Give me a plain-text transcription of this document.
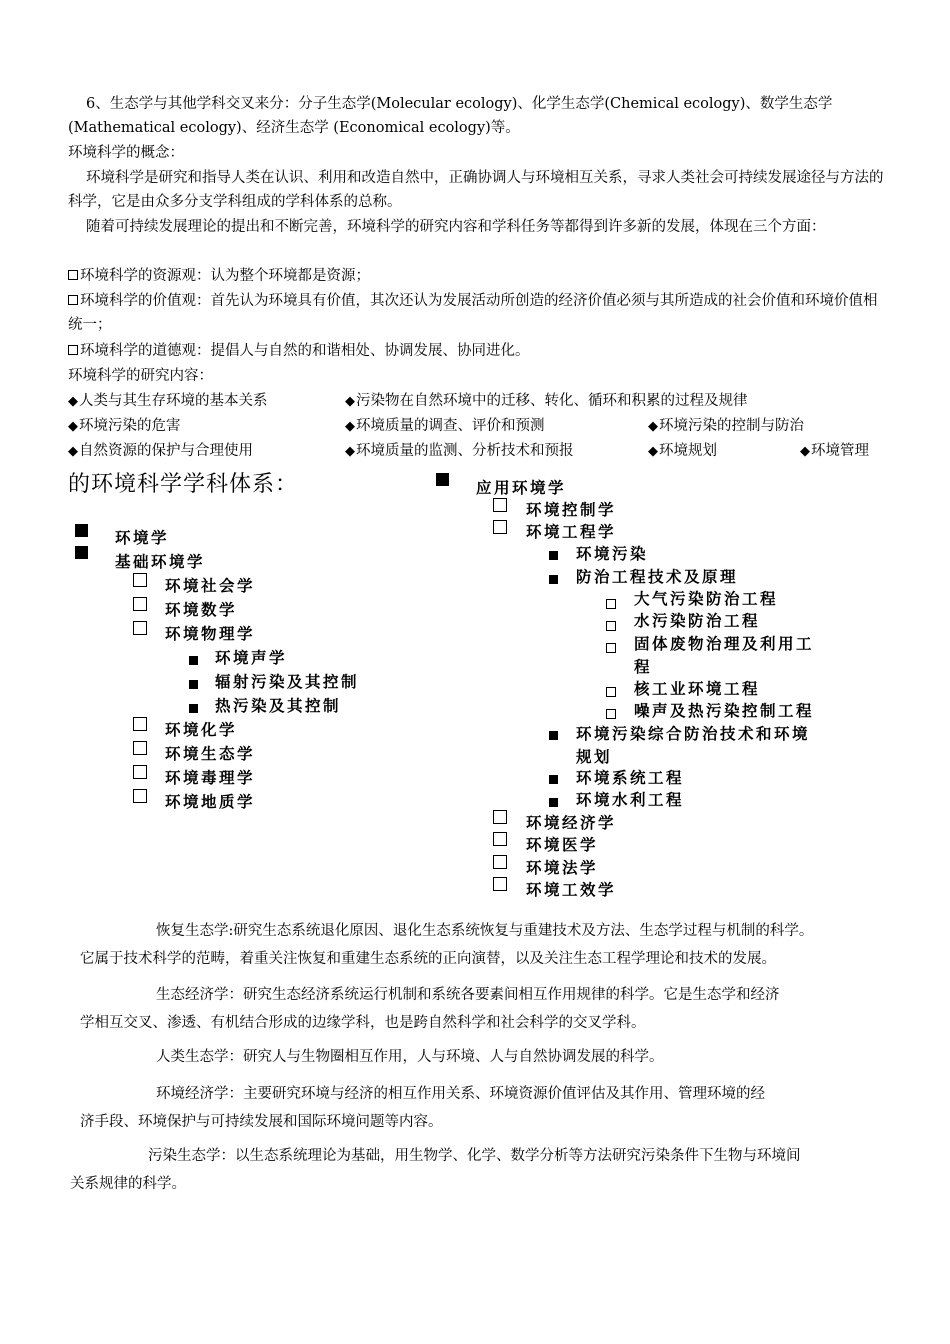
6、生态学与其他学科交叉来分：分子生态学(Molecular ecology)、化学生态学(Chemical ecology)、数学生态学(Mathematical ecology)、经济生态学 (Economical ecology)等。
环境科学的概念：
环境科学是研究和指导人类在认识、利用和改造自然中，正确协调人与环境相互关系，寻求人类社会可持续发展途径与方法的科学，它是由众多分支学科组成的学科体系的总称。
随着可持续发展理论的提出和不断完善，环境科学的研究内容和学科任务等都得到许多新的发展，体现在三个方面：
环境科学的资源观：认为整个环境都是资源；
环境科学的价值观：首先认为环境具有价值，其次还认为发展活动所创造的经济价值必须与其所造成的社会价值和环境价值相统一；
环境科学的道德观：提倡人与自然的和谐相处、协调发展、协同进化。
环境科学的研究内容：
◆人类与其生存环境的基本关系	◆污染物在自然环境中的迁移、转化、循环和积累的过程及规律
◆环境污染的危害	◆环境质量的调查、评价和预测	◆环境污染的控制与防治
◆自然资源的保护与合理使用	◆环境质量的监测、分析技术和预报	◆环境规划	◆环境管理
的环境科学学科体系：
环境学
基础环境学
环境社会学
环境数学
环境物理学
环境声学
辐射污染及其控制
热污染及其控制
环境化学
环境生态学
环境毒理学
环境地质学
应用环境学
环境控制学
环境工程学
环境污染
防治工程技术及原理
大气污染防治工程
水污染防治工程
固体废物治理及利用工
程
核工业环境工程
噪声及热污染控制工程
环境污染综合防治技术和环境
规划
环境系统工程
环境水利工程
环境经济学
环境医学
环境法学
环境工效学
恢复生态学:研究生态系统退化原因、退化生态系统恢复与重建技术及方法、生态学过程与机制的科学。
它属于技术科学的范畴，着重关注恢复和重建生态系统的正向演替，以及关注生态工程学理论和技术的发展。
生态经济学：研究生态经济系统运行机制和系统各要素间相互作用规律的科学。它是生态学和经济
学相互交叉、渗透、有机结合形成的边缘学科，也是跨自然科学和社会科学的交叉学科。
人类生态学：研究人与生物圈相互作用，人与环境、人与自然协调发展的科学。
环境经济学：主要研究环境与经济的相互作用关系、环境资源价值评估及其作用、管理环境的经
济手段、环境保护与可持续发展和国际环境问题等内容。
污染生态学：以生态系统理论为基础，用生物学、化学、数学分析等方法研究污染条件下生物与环境间
关系规律的科学。
